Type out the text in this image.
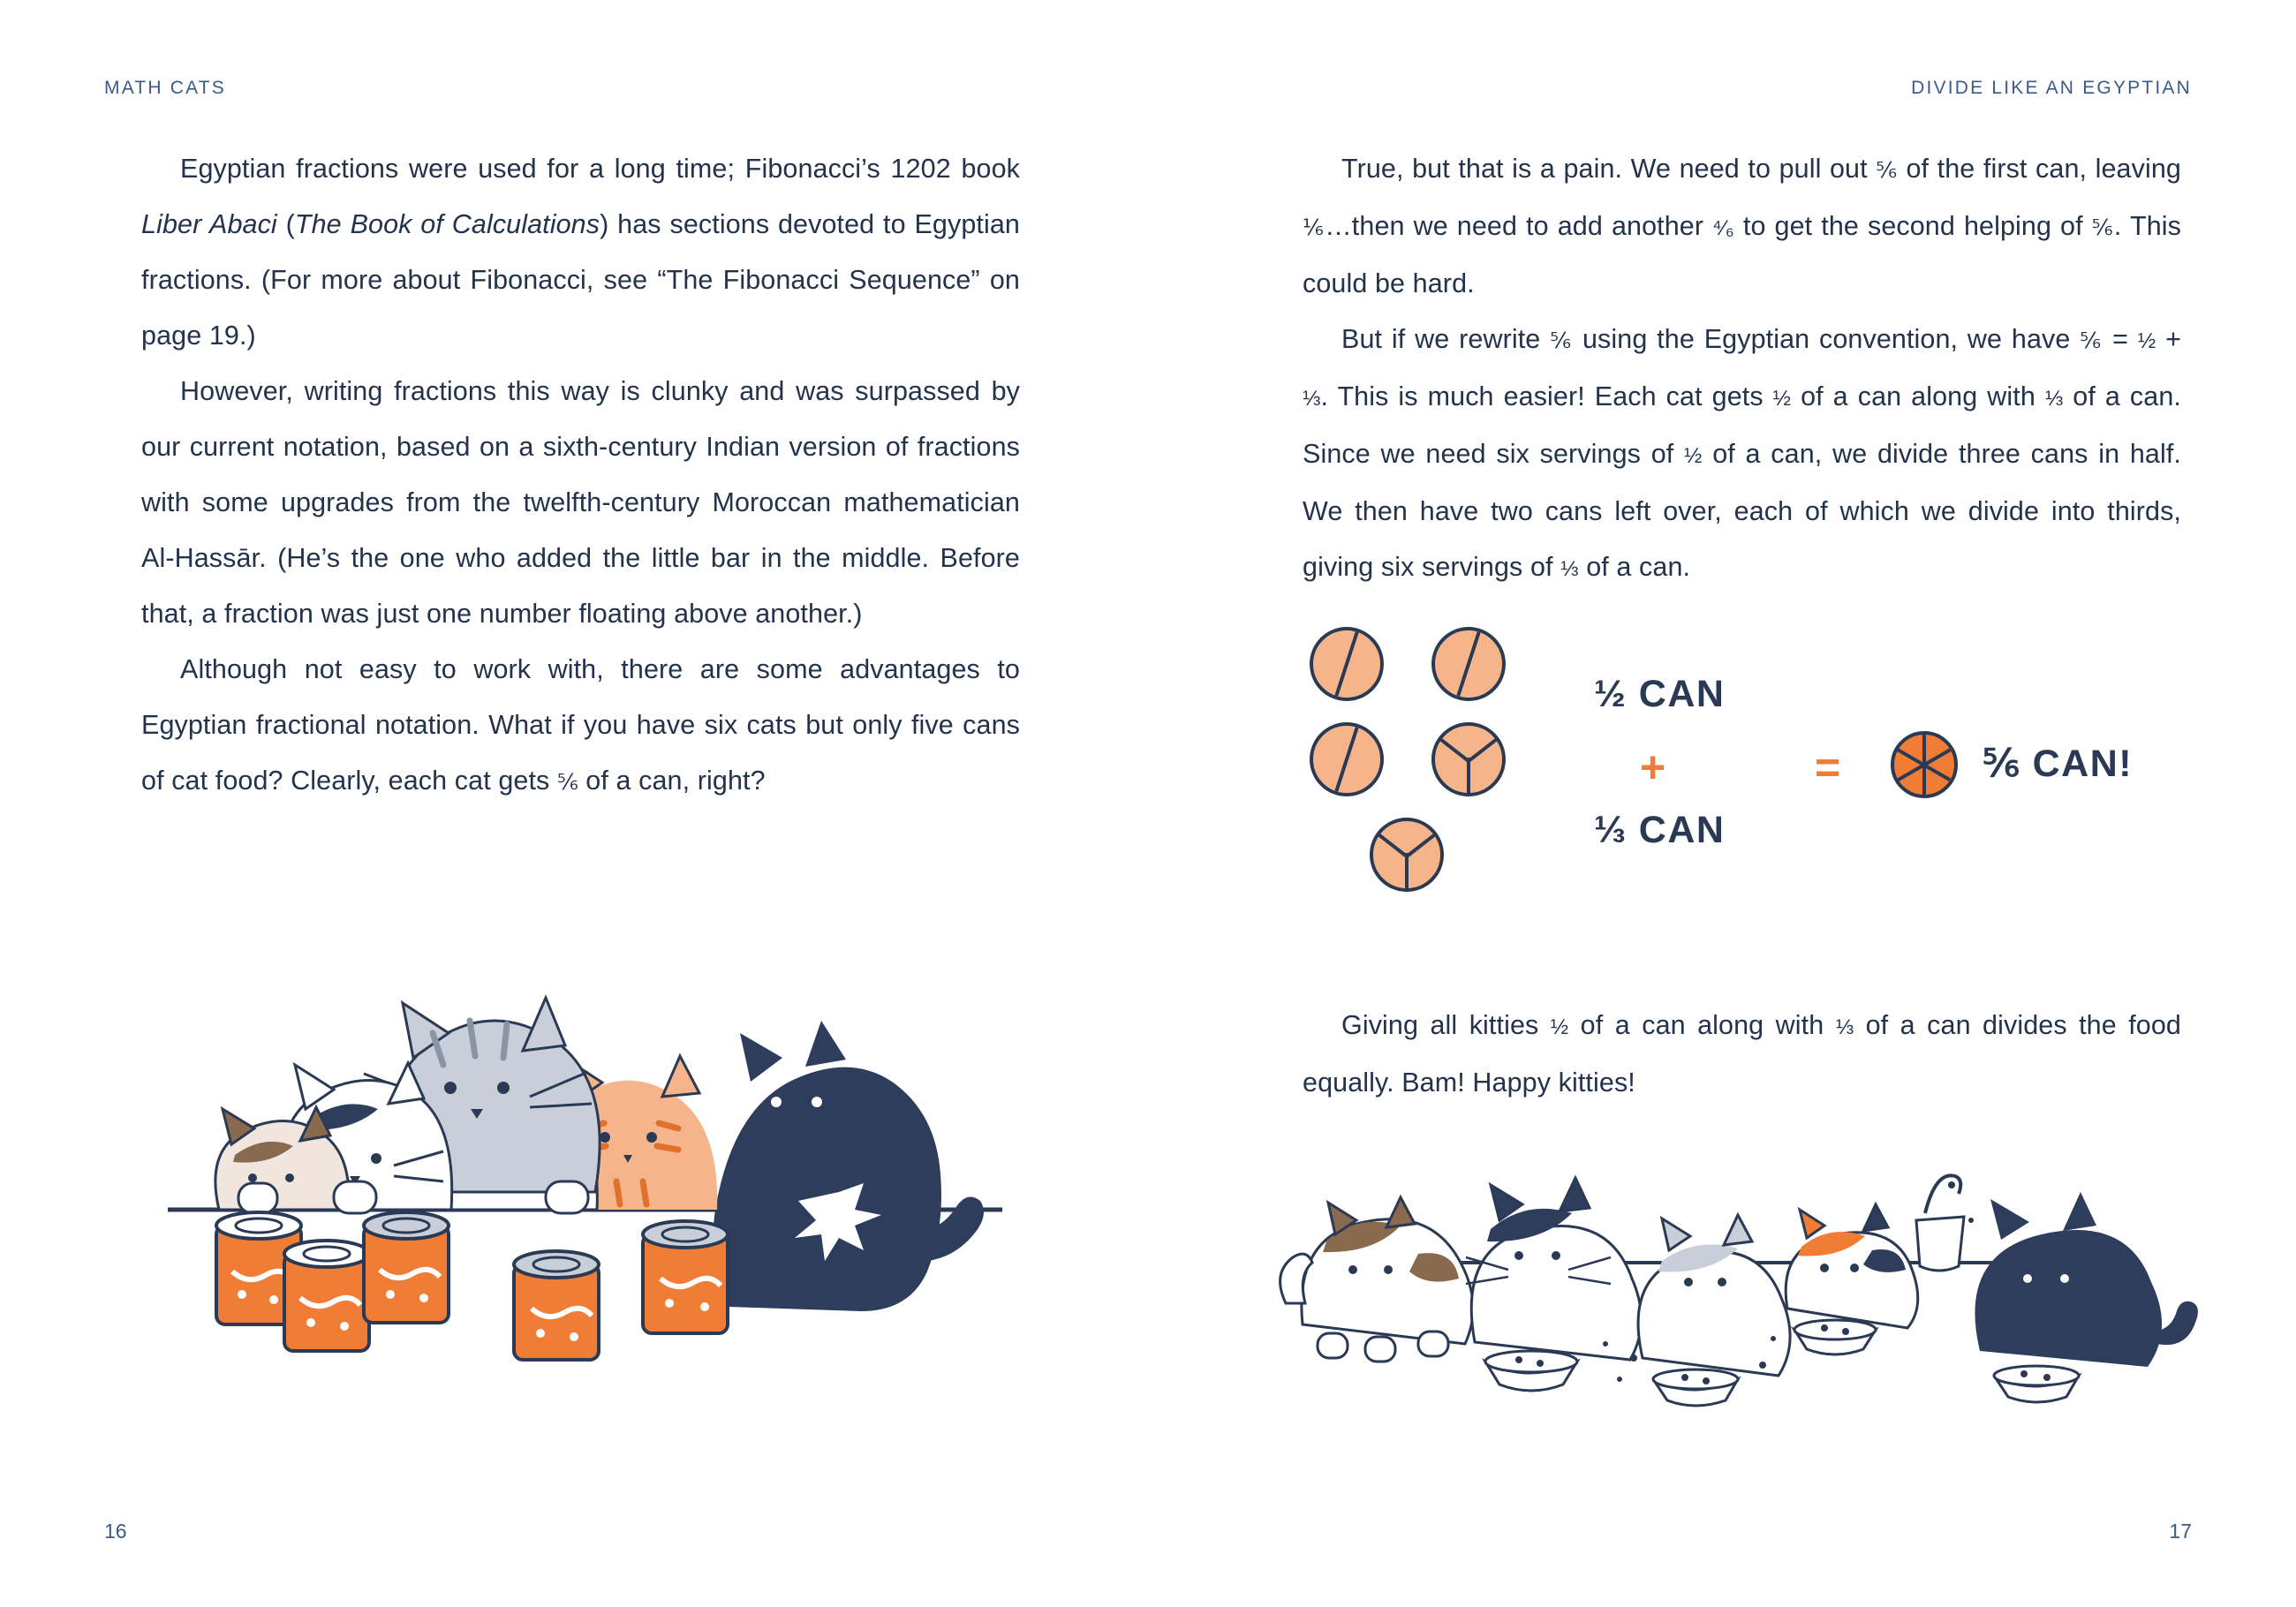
MATH CATS

Egyptian fractions were used for a long time; Fibonacci’s 1202 book Liber Abaci (The Book of Calculations) has sections devoted to Egyptian fractions. (For more about Fibonacci, see “The Fibonacci Sequence” on page 19.)

However, writing fractions this way is clunky and was surpassed by our current notation, based on a sixth-century Indian version of fractions with some upgrades from the twelfth-century Moroccan mathematician Al-Hassār. (He’s the one who added the little bar in the middle. Before that, a fraction was just one number floating above another.)

Although not easy to work with, there are some advantages to Egyptian fractional notation. What if you have six cats but only five cans of cat food? Clearly, each cat gets ⅚ of a can, right?

16
DIVIDE LIKE AN EGYPTIAN

True, but that is a pain. We need to pull out ⅚ of the first can, leaving ⅙…then we need to add another ⁴⁄₆ to get the second helping of ⅚. This could be hard.

But if we rewrite ⅚ using the Egyptian convention, we have ⅚ = ½ + ⅓. This is much easier! Each cat gets ½ of a can along with ⅓ of a can. Since we need six servings of ½ of a can, we divide three cans in half. We then have two cans left over, each of which we divide into thirds, giving six servings of ⅓ of a can.

½ CAN
+
⅓ CAN
=	⅚ CAN!

Giving all kitties ½ of a can along with ⅓ of a can divides the food equally. Bam! Happy kitties!

17
